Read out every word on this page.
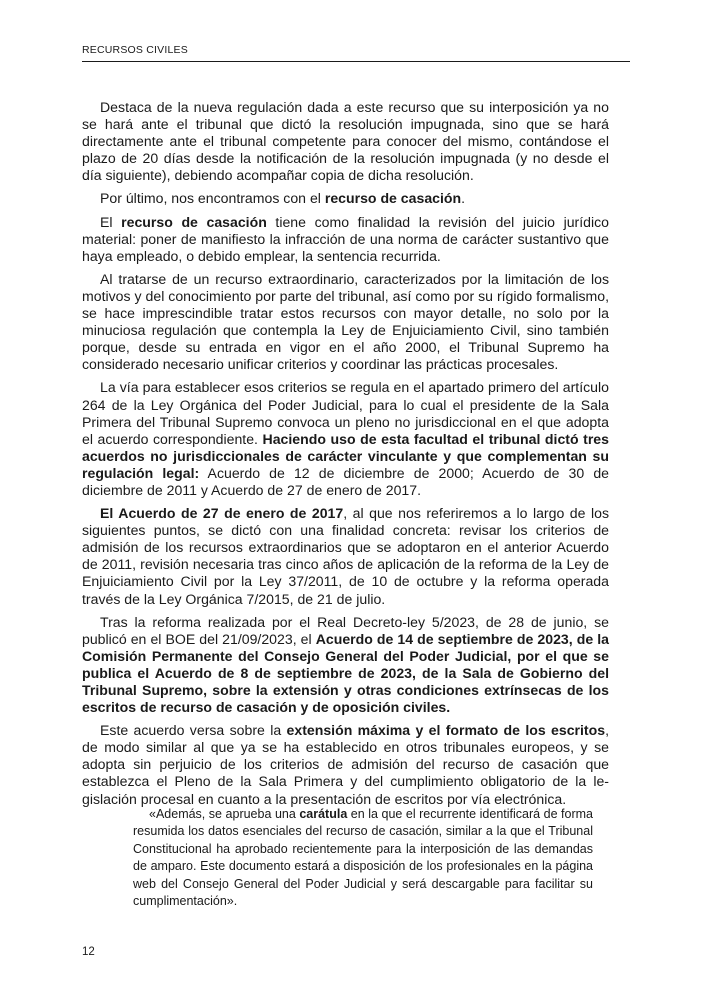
RECURSOS CIVILES

Destaca de la nueva regulación dada a este recurso que su interposición ya no se hará ante el tribunal que dictó la resolución impugnada, sino que se hará directamente ante el tribunal competente para conocer del mismo, contándose el plazo de 20 días desde la notificación de la resolución impugnada (y no desde el día siguiente), debiendo acompañar copia de dicha resolución.

Por último, nos encontramos con el recurso de casación.

El recurso de casación tiene como finalidad la revisión del juicio jurídico material: poner de manifiesto la infracción de una norma de carácter sustantivo que haya empleado, o debido emplear, la sentencia recurrida.

Al tratarse de un recurso extraordinario, caracterizados por la limitación de los motivos y del conocimiento por parte del tribunal, así como por su rígido formalismo, se hace imprescindible tratar estos recursos con mayor detalle, no solo por la minuciosa regulación que contempla la Ley de Enjuiciamiento Civil, sino también porque, desde su entrada en vigor en el año 2000, el Tribunal Supremo ha considerado necesario unificar criterios y coordinar las prácticas procesales.

La vía para establecer esos criterios se regula en el apartado primero del artículo 264 de la Ley Orgánica del Poder Judicial, para lo cual el presidente de la Sala Primera del Tribunal Supremo convoca un pleno no jurisdiccional en el que adopta el acuerdo correspondiente. Haciendo uso de esta facultad el tribunal dictó tres acuerdos no jurisdiccionales de carácter vinculante y que complementan su regulación legal: Acuerdo de 12 de diciembre de 2000; Acuerdo de 30 de diciembre de 2011 y Acuerdo de 27 de enero de 2017.

El Acuerdo de 27 de enero de 2017, al que nos referiremos a lo largo de los siguientes puntos, se dictó con una finalidad concreta: revisar los criterios de admisión de los recursos extraordinarios que se adoptaron en el anterior Acuerdo de 2011, revisión necesaria tras cinco años de aplicación de la reforma de la Ley de Enjuiciamiento Civil por la Ley 37/2011, de 10 de octubre y la reforma operada través de la Ley Orgánica 7/2015, de 21 de julio.

Tras la reforma realizada por el Real Decreto-ley 5/2023, de 28 de junio, se publicó en el BOE del 21/09/2023, el Acuerdo de 14 de septiembre de 2023, de la Comisión Permanente del Consejo General del Poder Judicial, por el que se publica el Acuerdo de 8 de septiembre de 2023, de la Sala de Gobierno del Tribunal Supremo, sobre la extensión y otras condiciones extrínsecas de los escritos de recurso de casación y de oposición civiles.

Este acuerdo versa sobre la extensión máxima y el formato de los escritos, de modo similar al que ya se ha establecido en otros tribunales europeos, y se adopta sin perjuicio de los criterios de admisión del recurso de casación que establezca el Pleno de la Sala Primera y del cumplimiento obligatorio de la legislación procesal en cuanto a la presentación de escritos por vía electrónica.

«Además, se aprueba una carátula en la que el recurrente identificará de forma resumida los datos esenciales del recurso de casación, similar a la que el Tribunal Constitucional ha aprobado recientemente para la interposición de las demandas de amparo. Este documento estará a disposición de los profesionales en la página web del Consejo General del Poder Judicial y será descargable para facilitar su cumplimentación».

12
